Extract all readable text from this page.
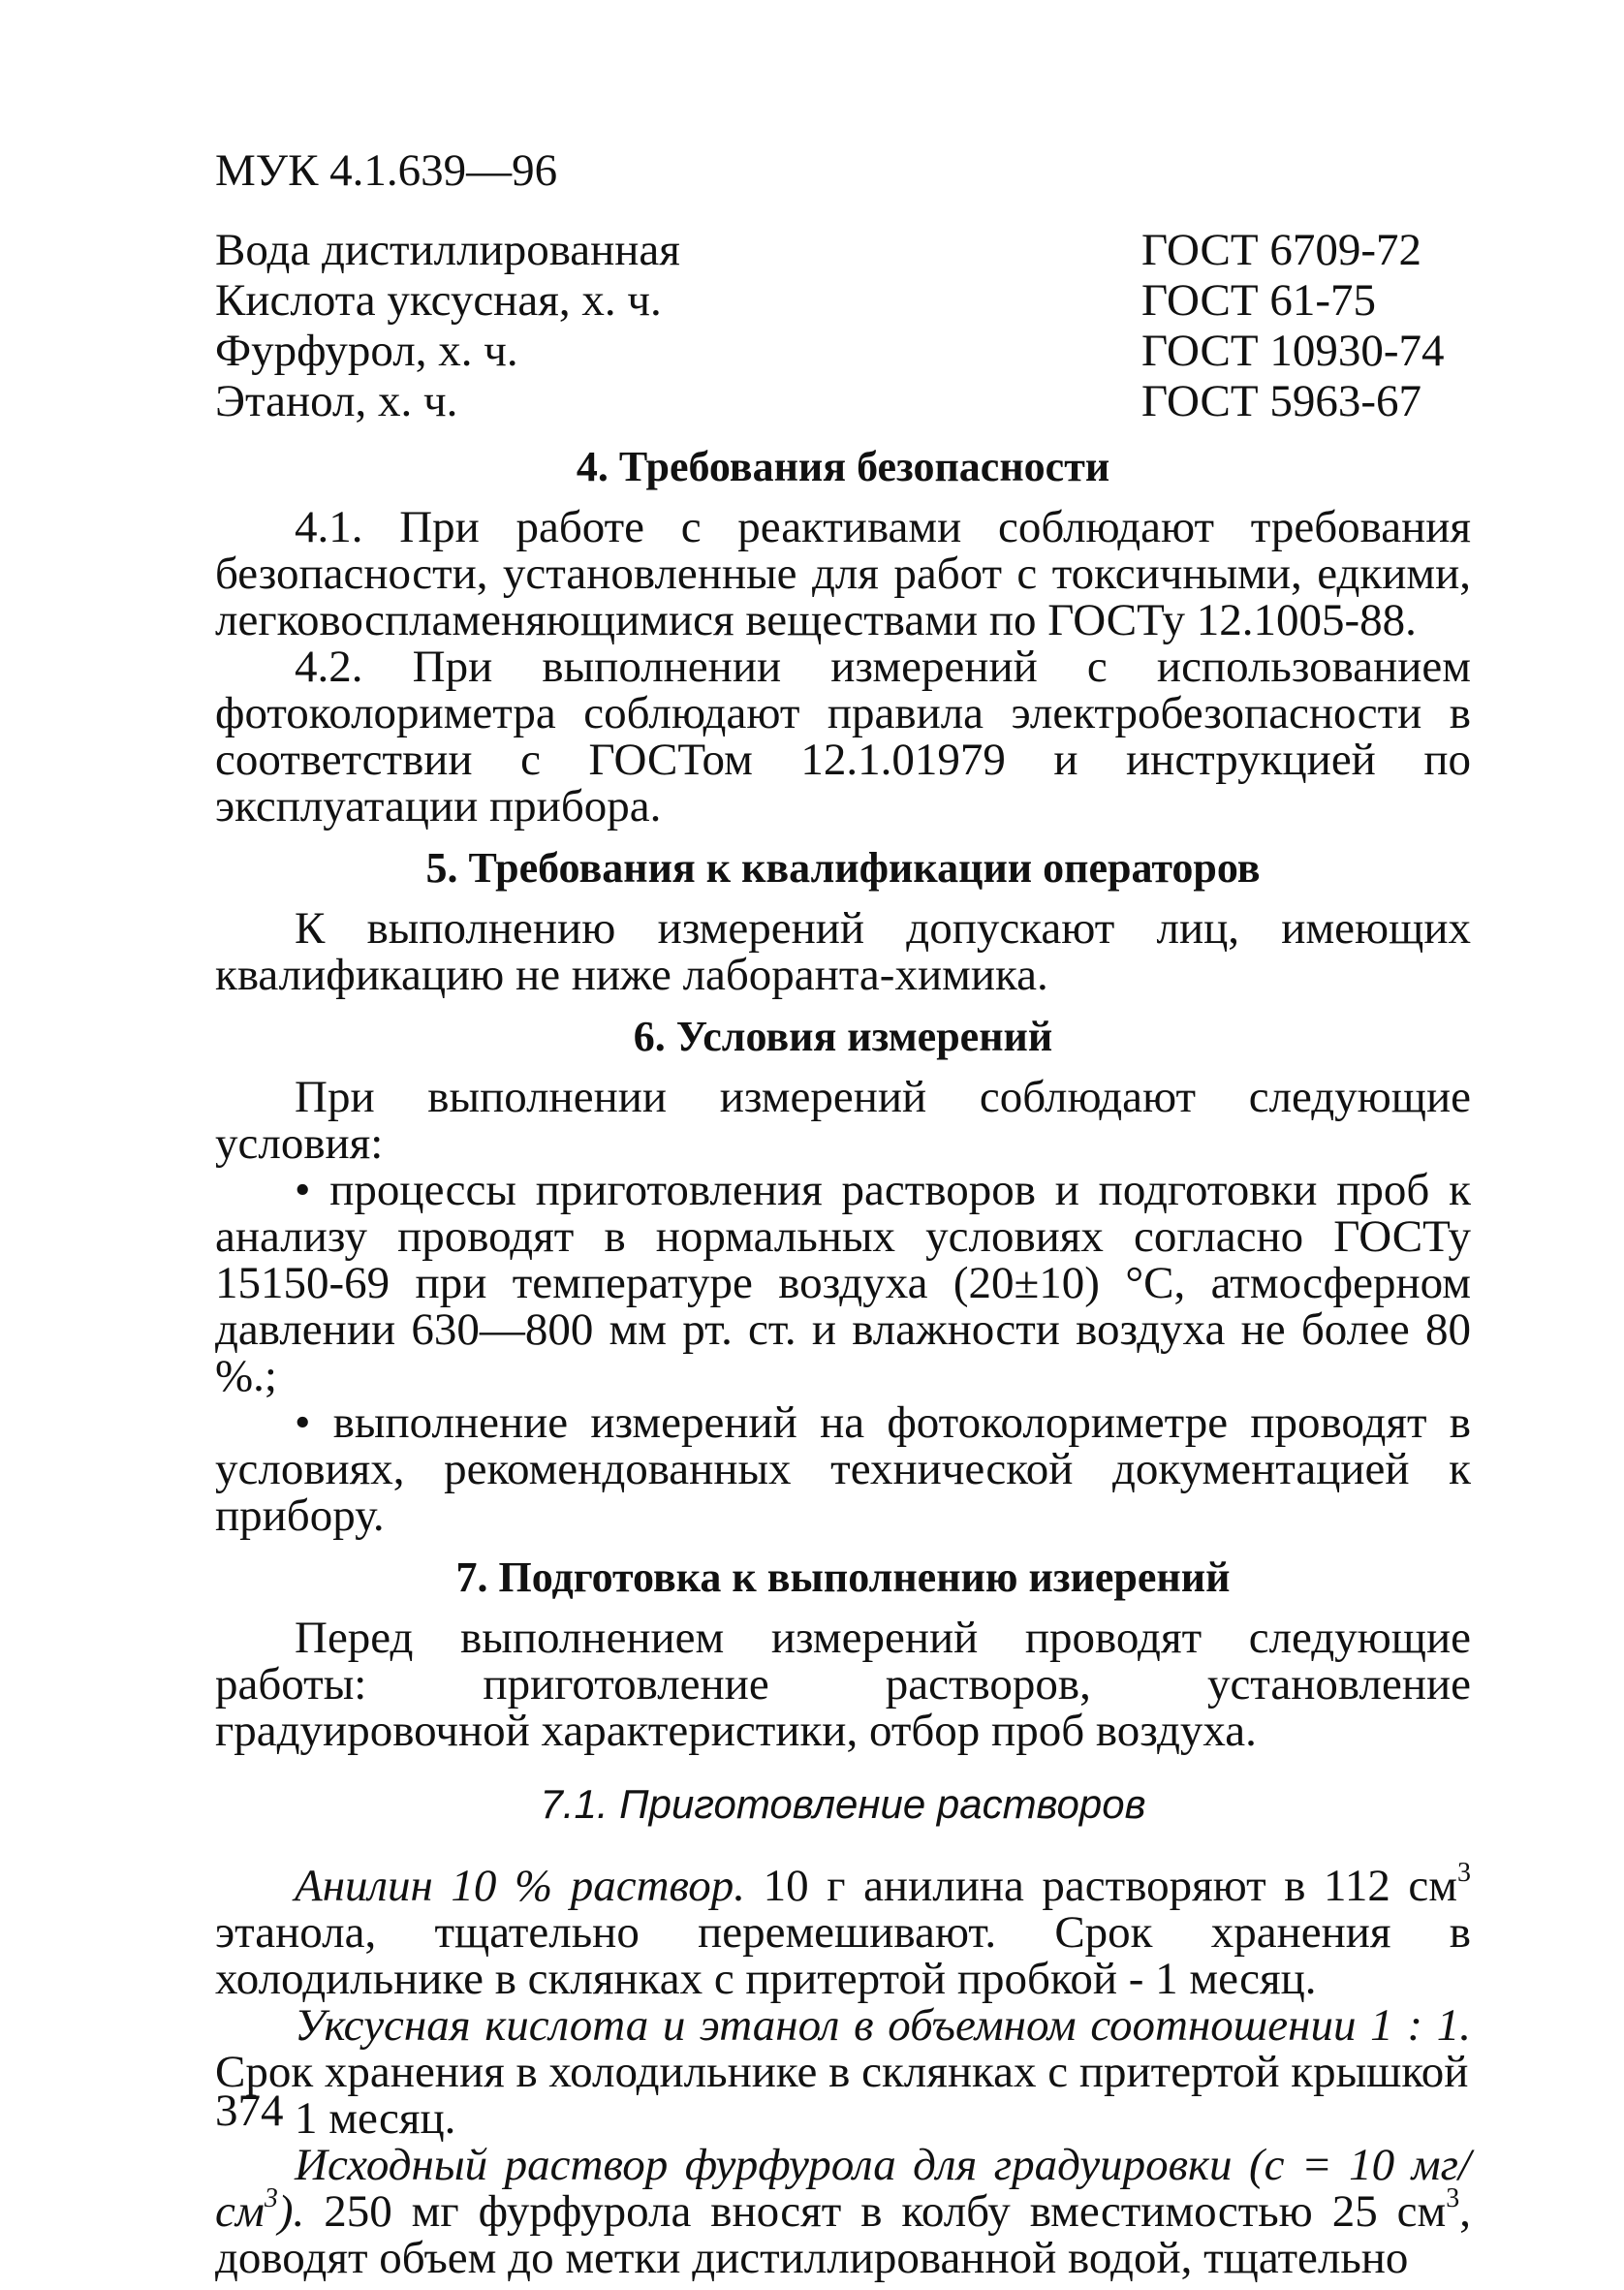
МУК 4.1.639—96

Вода дистиллированная	ГОСТ 6709-72
Кислота уксусная, х. ч.	ГОСТ 61-75
Фурфурол, х. ч.	ГОСТ 10930-74
Этанол, х. ч.	ГОСТ 5963-67
4. Требования безопасности

4.1. При работе с реактивами соблюдают требования безопасности, установленные для работ с токсичными, едкими, легковоспламеняющимися веществами по ГОСТу 12.1005-88.

4.2. При выполнении измерений с использованием фотоколориметра соблюдают правила электробезопасности в соответствии с ГОСТом 12.1.01979 и инструкцией по эксплуатации прибора.

5. Требования к квалификации операторов

К выполнению измерений допускают лиц, имеющих квалификацию не ниже лаборанта-химика.

6. Условия измерений

При выполнении измерений соблюдают следующие условия:

• процессы приготовления растворов и подготовки проб к анализу проводят в нормальных условиях согласно ГОСТу 15150-69 при температуре воздуха (20±10) °С, атмосферном давлении 630—800 мм рт. ст. и влажности воздуха не более 80 %.;

• выполнение измерений на фотоколориметре проводят в условиях, рекомендованных технической документацией к прибору.

7. Подготовка к выполнению изиерений

Перед выполнением измерений проводят следующие работы: приготовление растворов, установление градуировочной характеристики, отбор проб воздуха.

7.1. Приготовление растворов

Анилин 10 % раствор. 10 г анилина растворяют в 112 $см^3$ этанола, тщательно перемешивают. Срок хранения в холодильнике в склянках с притертой пробкой - 1 месяц.

Уксусная кислота и этанол в объемном соотношении 1 : 1. Срок хранения в холодильнике в склянках с притертой крышкой

1 месяц.

Исходный раствор фурфурола для градуировки (с = 10 $мг/см^3$). 250 мг фурфурола вносят в колбу вместимостью 25 $см^3$, доводят объем до метки дистиллированной водой, тщательно

374
